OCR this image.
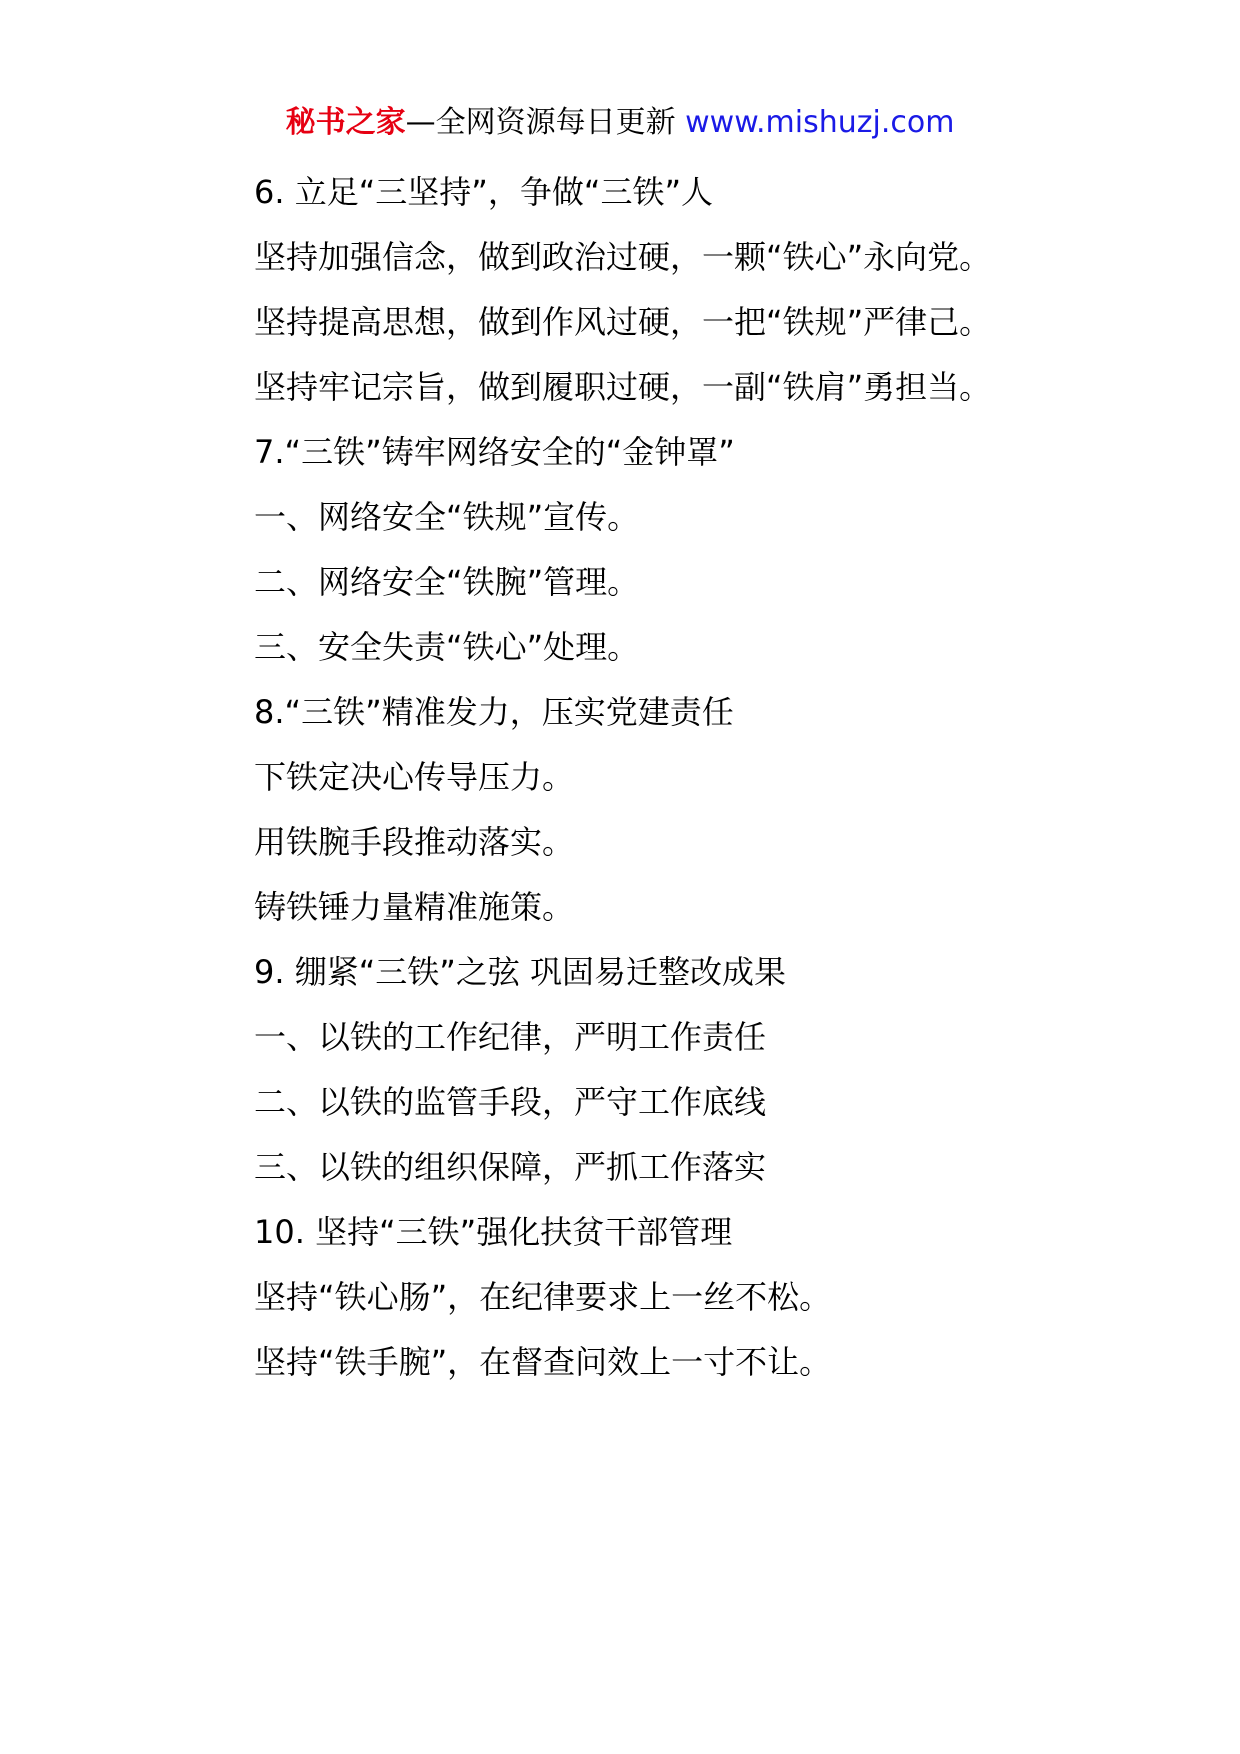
秘书之家—全网资源每日更新 www.mishuzj.com

6. 立足“三坚持”，争做“三铁”人

坚持加强信念，做到政治过硬，一颗“铁心”永向党。

坚持提高思想，做到作风过硬，一把“铁规”严律己。

坚持牢记宗旨，做到履职过硬，一副“铁肩”勇担当。

7.“三铁”铸牢网络安全的“金钟罩”

一、网络安全“铁规”宣传。

二、网络安全“铁腕”管理。

三、安全失责“铁心”处理。

8.“三铁”精准发力，压实党建责任

下铁定决心传导压力。

用铁腕手段推动落实。

铸铁锤力量精准施策。

9. 绷紧“三铁”之弦 巩固易迁整改成果

一、以铁的工作纪律，严明工作责任

二、以铁的监管手段，严守工作底线

三、以铁的组织保障，严抓工作落实

10. 坚持“三铁”强化扶贫干部管理

坚持“铁心肠”，在纪律要求上一丝不松。

坚持“铁手腕”，在督查问效上一寸不让。
